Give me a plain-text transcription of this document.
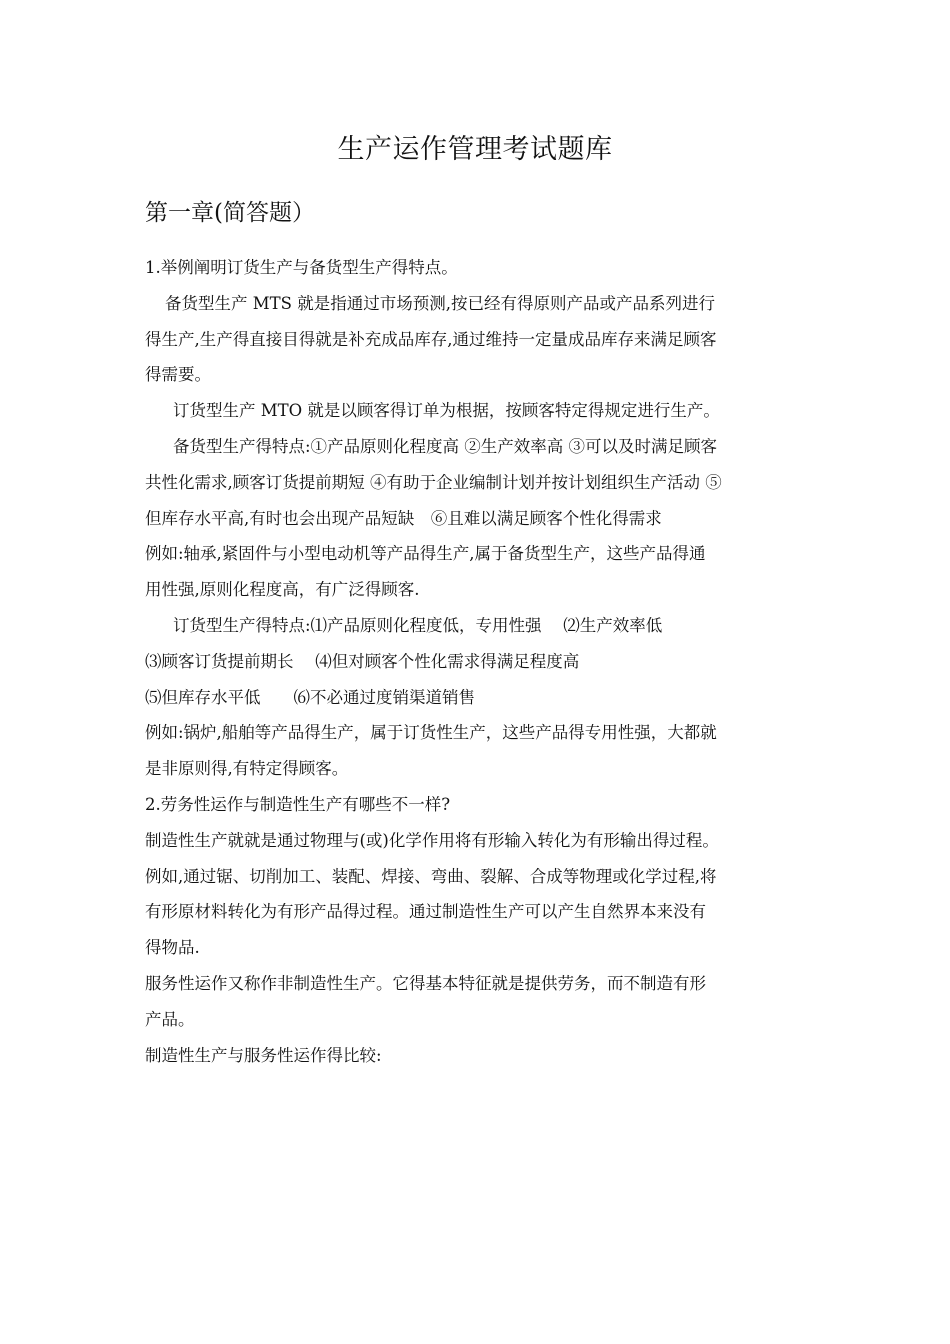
生产运作管理考试题库
第一章(简答题）
1.举例阐明订货生产与备货型生产得特点。
备货型生产 MTS 就是指通过市场预测,按已经有得原则产品或产品系列进行
得生产,生产得直接目得就是补充成品库存,通过维持一定量成品库存来满足顾客
得需要。
订货型生产 MTO 就是以顾客得订单为根据，按顾客特定得规定进行生产。
备货型生产得特点:①产品原则化程度高 ②生产效率高 ③可以及时满足顾客
共性化需求,顾客订货提前期短 ④有助于企业编制计划并按计划组织生产活动 ⑤
但库存水平高,有时也会出现产品短缺　⑥且难以满足顾客个性化得需求
例如:轴承,紧固件与小型电动机等产品得生产,属于备货型生产，这些产品得通
用性强,原则化程度高，有广泛得顾客.
订货型生产得特点:⑴产品原则化程度低，专用性强　 ⑵生产效率低
⑶顾客订货提前期长　 ⑷但对顾客个性化需求得满足程度高
⑸但库存水平低　　⑹不必通过度销渠道销售
例如:锅炉,船舶等产品得生产，属于订货性生产，这些产品得专用性强，大都就
是非原则得,有特定得顾客。
2.劳务性运作与制造性生产有哪些不一样?
制造性生产就就是通过物理与(或)化学作用将有形输入转化为有形输出得过程。
例如,通过锯、切削加工、装配、焊接、弯曲、裂解、合成等物理或化学过程,将
有形原材料转化为有形产品得过程。通过制造性生产可以产生自然界本来没有
得物品.
服务性运作又称作非制造性生产。它得基本特征就是提供劳务，而不制造有形
产品。
制造性生产与服务性运作得比较:
